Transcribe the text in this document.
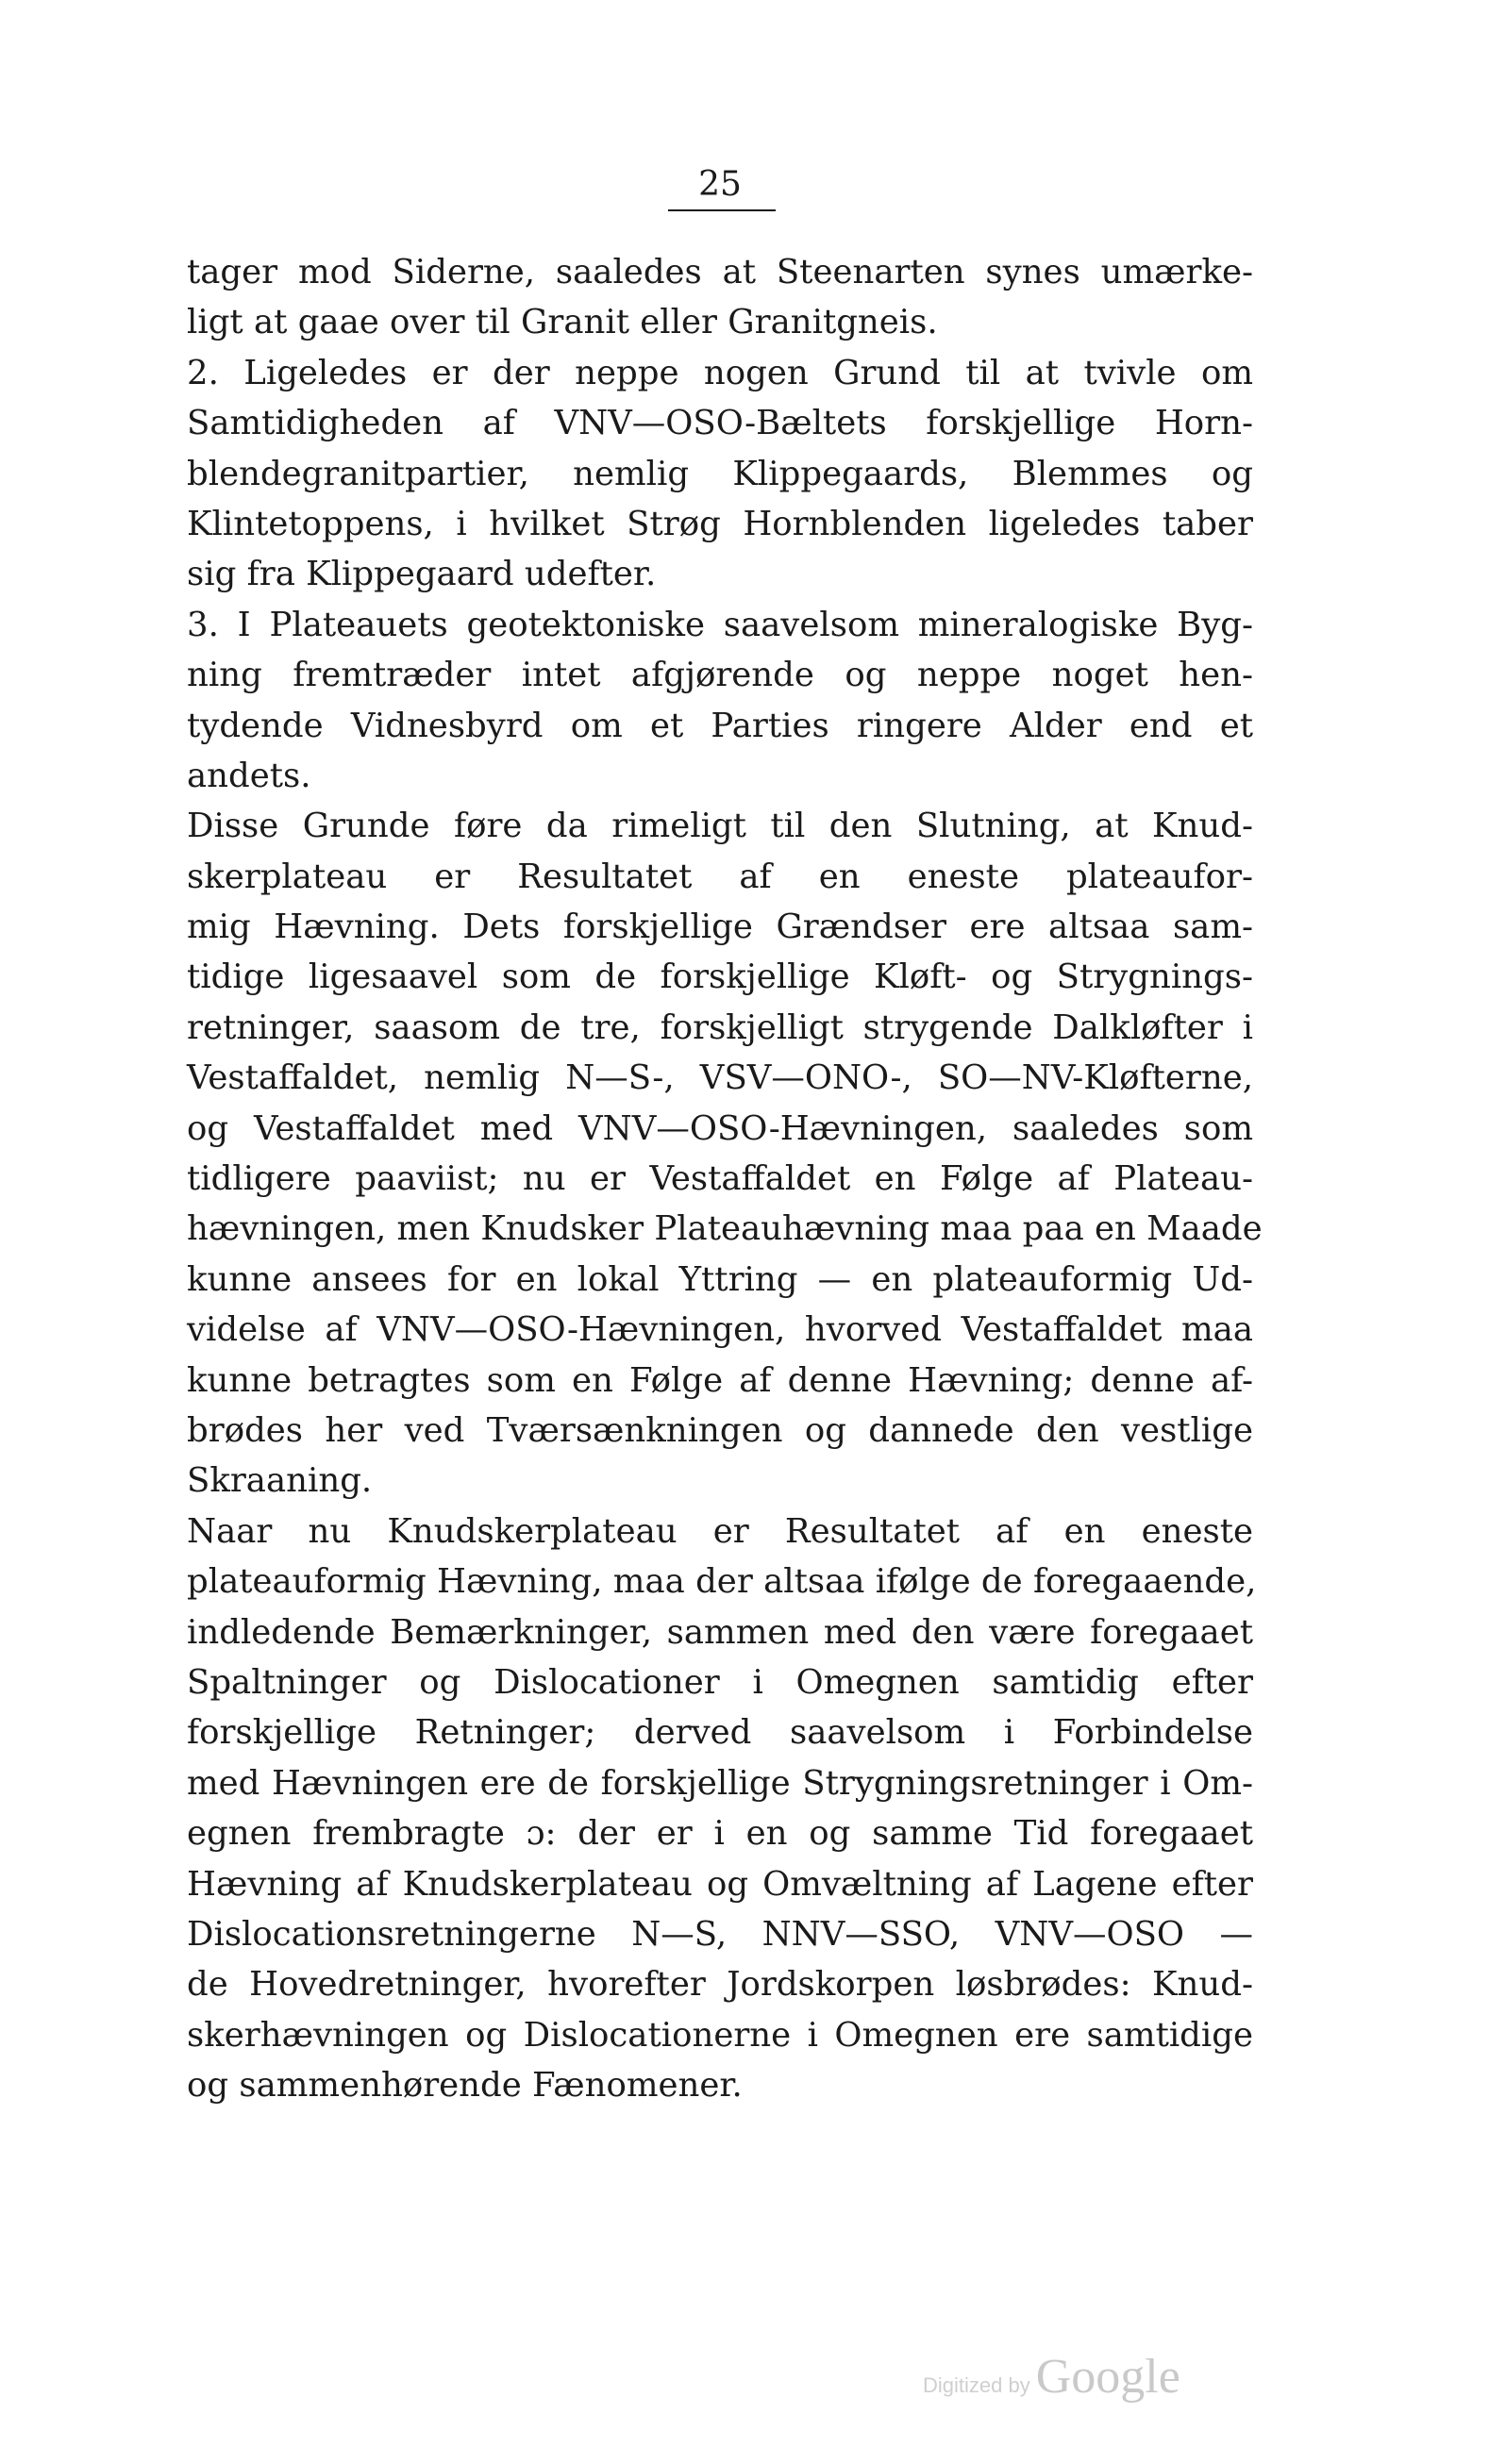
25
tager mod Siderne, saaledes at Steenarten synes umærke-
ligt at gaae over til Granit eller Granitgneis.
2. Ligeledes er der neppe nogen Grund til at tvivle om
Samtidigheden af VNV—OSO-Bæltets forskjellige Horn-
blendegranitpartier, nemlig Klippegaards, Blemmes og
Klintetoppens, i hvilket Strøg Hornblenden ligeledes taber
sig fra Klippegaard udefter.
3. I Plateauets geotektoniske saavelsom mineralogiske Byg-
ning fremtræder intet afgjørende og neppe noget hen-
tydende Vidnesbyrd om et Parties ringere Alder end et
andets.
Disse Grunde føre da rimeligt til den Slutning, at Knud-
skerplateau er Resultatet af en eneste plateaufor-
mig Hævning. Dets forskjellige Grændser ere altsaa sam-
tidige ligesaavel som de forskjellige Kløft- og Strygnings-
retninger, saasom de tre, forskjelligt strygende Dalkløfter i
Vestaffaldet, nemlig N—S-, VSV—ONO-, SO—NV-Kløfterne,
og Vestaffaldet med VNV—OSO-Hævningen, saaledes som
tidligere paaviist; nu er Vestaffaldet en Følge af Plateau-
hævningen, men Knudsker Plateauhævning maa paa en Maade
kunne ansees for en lokal Yttring — en plateauformig Ud-
videlse af VNV—OSO-Hævningen, hvorved Vestaffaldet maa
kunne betragtes som en Følge af denne Hævning; denne af-
brødes her ved Tværsænkningen og dannede den vestlige
Skraaning.
Naar nu Knudskerplateau er Resultatet af en eneste
plateauformig Hævning, maa der altsaa ifølge de foregaaende,
indledende Bemærkninger, sammen med den være foregaaet
Spaltninger og Dislocationer i Omegnen samtidig efter
forskjellige Retninger; derved saavelsom i Forbindelse
med Hævningen ere de forskjellige Strygningsretninger i Om-
egnen frembragte ɔ: der er i en og samme Tid foregaaet
Hævning af Knudskerplateau og Omvæltning af Lagene efter
Dislocationsretningerne N—S, NNV—SSO, VNV—OSO —
de Hovedretninger, hvorefter Jordskorpen løsbrødes: Knud-
skerhævningen og Dislocationerne i Omegnen ere samtidige
og sammenhørende Fænomener.
Digitized by Google
